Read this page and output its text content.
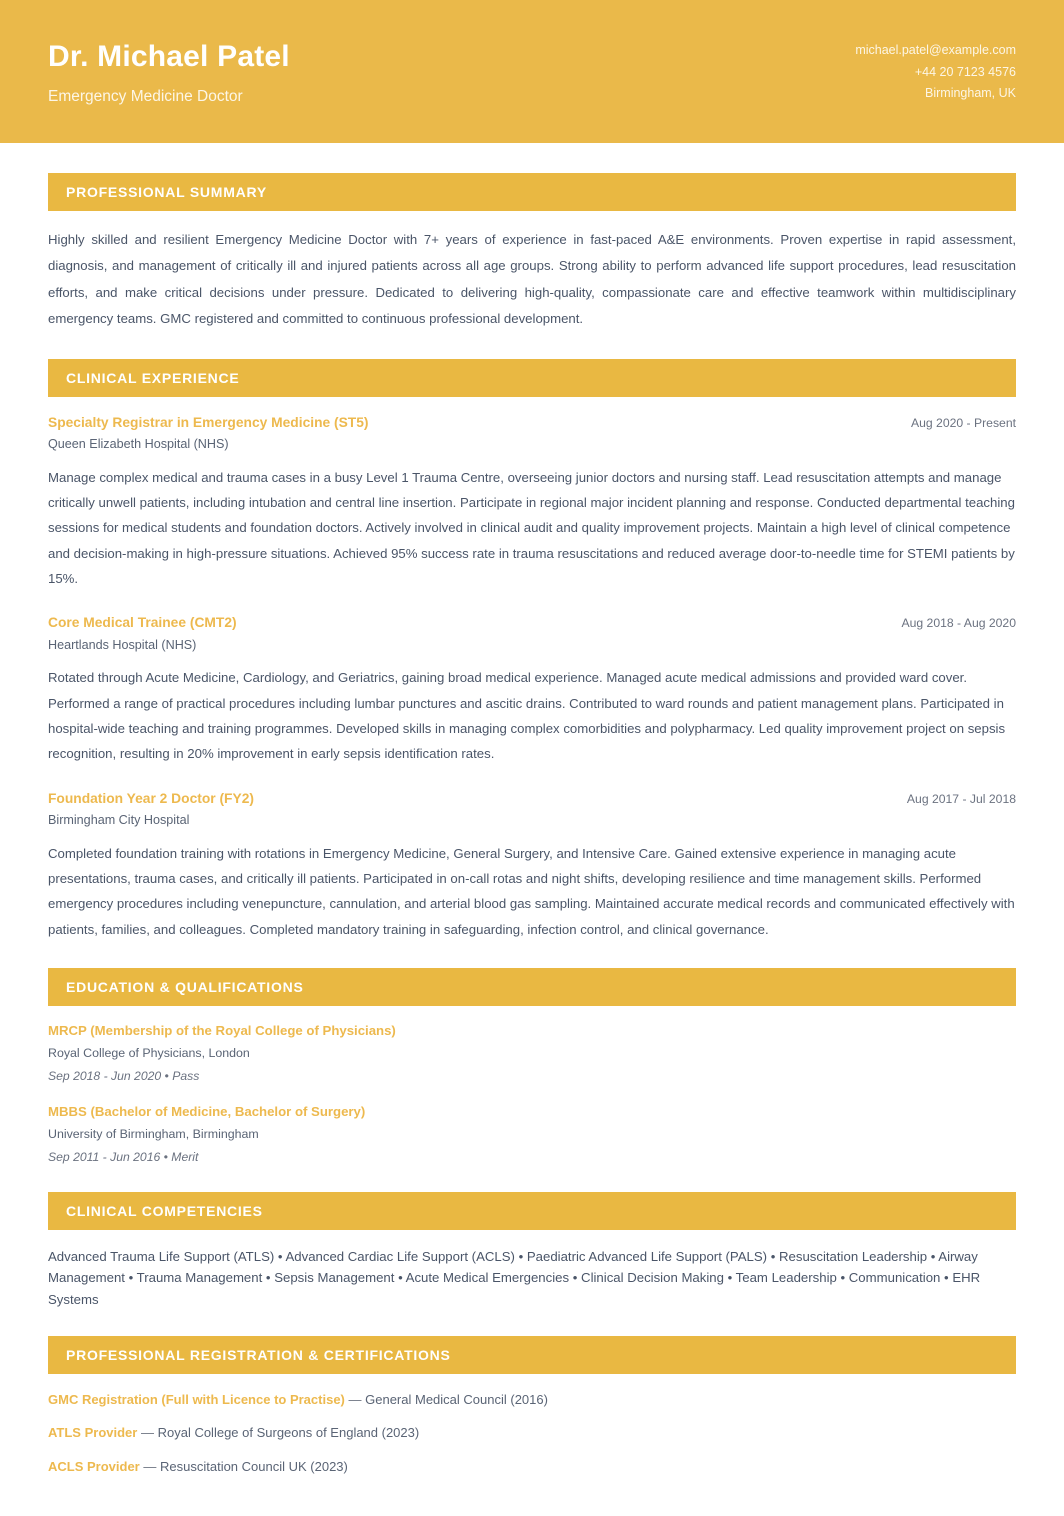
Dr. Michael Patel
Emergency Medicine Doctor
michael.patel@example.com
+44 20 7123 4576
Birmingham, UK
PROFESSIONAL SUMMARY

Highly skilled and resilient Emergency Medicine Doctor with 7+ years of experience in fast-paced A&E environments. Proven expertise in rapid assessment, diagnosis, and management of critically ill and injured patients across all age groups. Strong ability to perform advanced life support procedures, lead resuscitation efforts, and make critical decisions under pressure. Dedicated to delivering high-quality, compassionate care and effective teamwork within multidisciplinary emergency teams. GMC registered and committed to continuous professional development.

CLINICAL EXPERIENCE
Specialty Registrar in Emergency Medicine (ST5)	Aug 2020 - Present
Queen Elizabeth Hospital (NHS)

Manage complex medical and trauma cases in a busy Level 1 Trauma Centre, overseeing junior doctors and nursing staff. Lead resuscitation attempts and manage critically unwell patients, including intubation and central line insertion. Participate in regional major incident planning and response. Conducted departmental teaching sessions for medical students and foundation doctors. Actively involved in clinical audit and quality improvement projects. Maintain a high level of clinical competence and decision-making in high-pressure situations. Achieved 95% success rate in trauma resuscitations and reduced average door-to-needle time for STEMI patients by 15%.

Core Medical Trainee (CMT2)	Aug 2018 - Aug 2020
Heartlands Hospital (NHS)

Rotated through Acute Medicine, Cardiology, and Geriatrics, gaining broad medical experience. Managed acute medical admissions and provided ward cover. Performed a range of practical procedures including lumbar punctures and ascitic drains. Contributed to ward rounds and patient management plans. Participated in hospital-wide teaching and training programmes. Developed skills in managing complex comorbidities and polypharmacy. Led quality improvement project on sepsis recognition, resulting in 20% improvement in early sepsis identification rates.

Foundation Year 2 Doctor (FY2)	Aug 2017 - Jul 2018
Birmingham City Hospital

Completed foundation training with rotations in Emergency Medicine, General Surgery, and Intensive Care. Gained extensive experience in managing acute presentations, trauma cases, and critically ill patients. Participated in on-call rotas and night shifts, developing resilience and time management skills. Performed emergency procedures including venepuncture, cannulation, and arterial blood gas sampling. Maintained accurate medical records and communicated effectively with patients, families, and colleagues. Completed mandatory training in safeguarding, infection control, and clinical governance.

EDUCATION & QUALIFICATIONS
MRCP (Membership of the Royal College of Physicians)
Royal College of Physicians, London
Sep 2018 - Jun 2020 • Pass
MBBS (Bachelor of Medicine, Bachelor of Surgery)
University of Birmingham, Birmingham
Sep 2011 - Jun 2016 • Merit
CLINICAL COMPETENCIES

Advanced Trauma Life Support (ATLS) • Advanced Cardiac Life Support (ACLS) • Paediatric Advanced Life Support (PALS) • Resuscitation Leadership • Airway Management • Trauma Management • Sepsis Management • Acute Medical Emergencies • Clinical Decision Making • Team Leadership • Communication • EHR Systems

PROFESSIONAL REGISTRATION & CERTIFICATIONS
GMC Registration (Full with Licence to Practise) — General Medical Council (2016)
ATLS Provider — Royal College of Surgeons of England (2023)
ACLS Provider — Resuscitation Council UK (2023)
